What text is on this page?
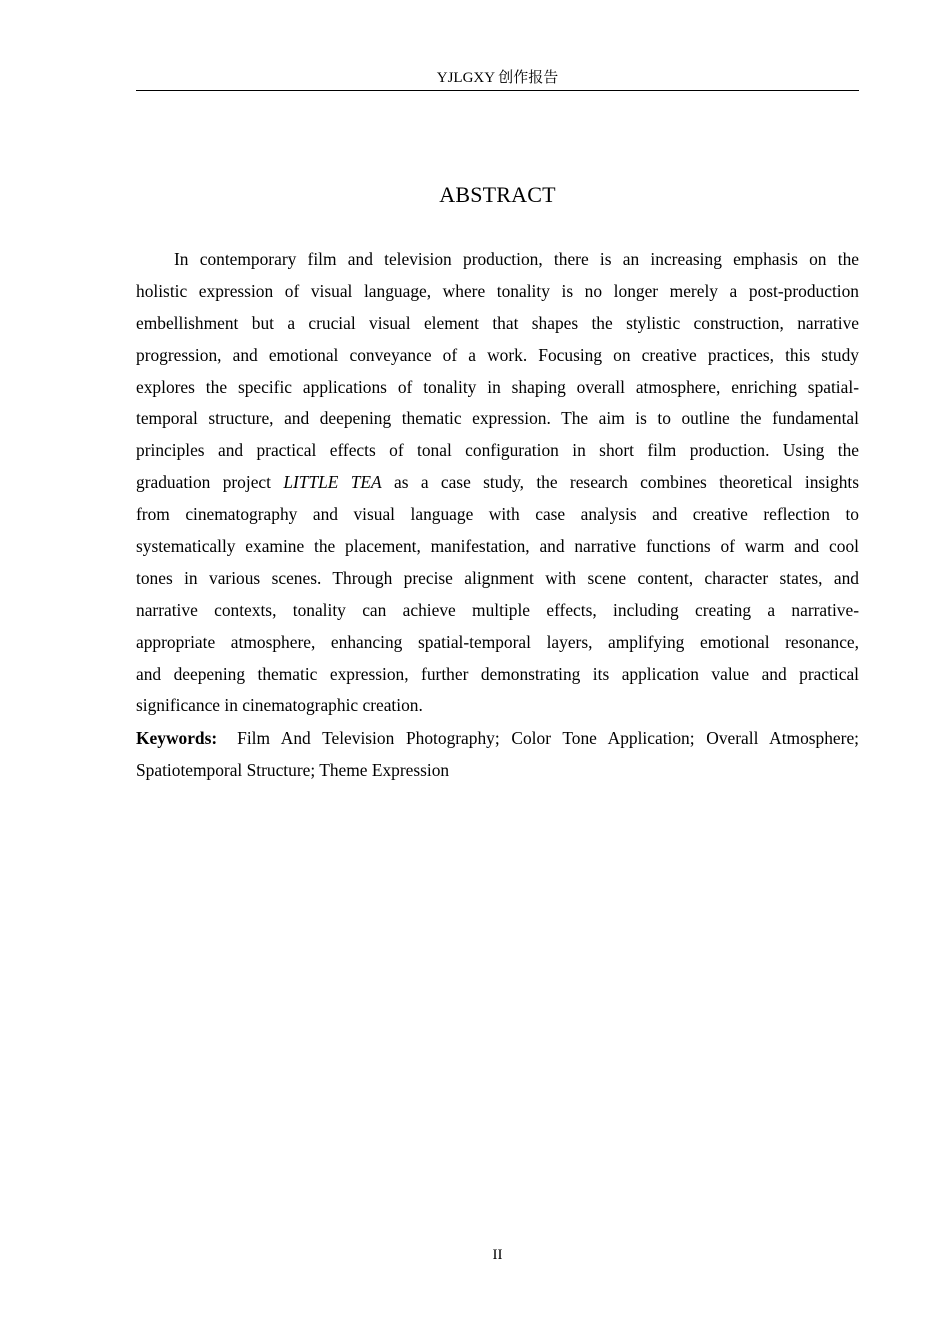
YJLGXY 创作报告
ABSTRACT
In contemporary film and television production, there is an increasing emphasis on the
holistic expression of visual language, where tonality is no longer merely a post-production
embellishment but a crucial visual element that shapes the stylistic construction, narrative
progression, and emotional conveyance of a work. Focusing on creative practices, this study
explores the specific applications of tonality in shaping overall atmosphere, enriching spatial-
temporal structure, and deepening thematic expression. The aim is to outline the fundamental
principles and practical effects of tonal configuration in short film production. Using the
graduation project LITTLE TEA as a case study, the research combines theoretical insights
from cinematography and visual language with case analysis and creative reflection to
systematically examine the placement, manifestation, and narrative functions of warm and cool
tones in various scenes. Through precise alignment with scene content, character states, and
narrative contexts, tonality can achieve multiple effects, including creating a narrative-
appropriate atmosphere, enhancing spatial-temporal layers, amplifying emotional resonance,
and deepening thematic expression, further demonstrating its application value and practical
significance in cinematographic creation.
Keywords: Film And Television Photography; Color Tone Application; Overall Atmosphere;
Spatiotemporal Structure; Theme Expression
II
